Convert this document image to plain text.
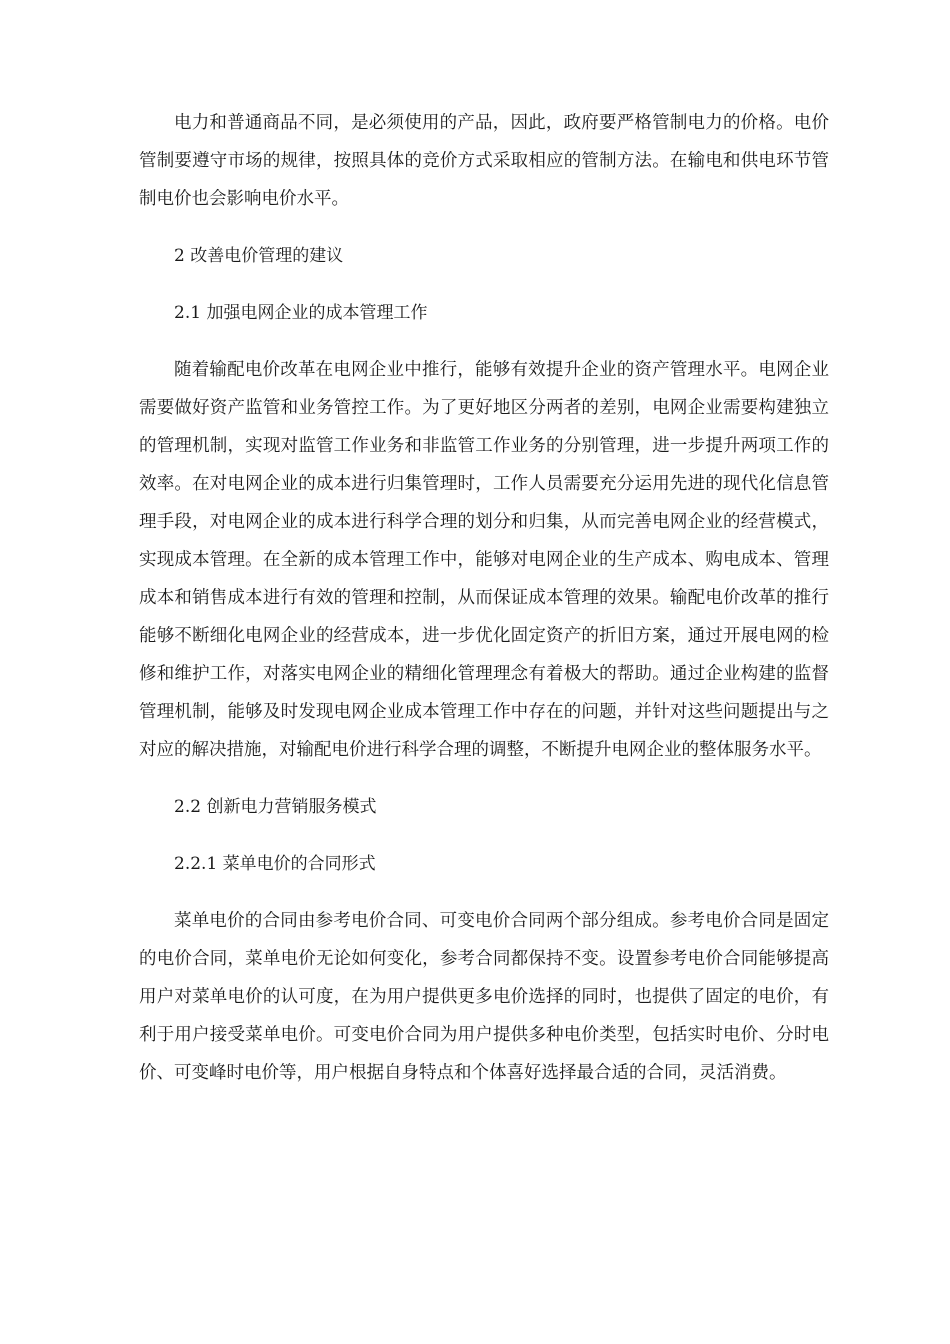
电力和普通商品不同，是必须使用的产品，因此，政府要严格管制电力的价格。电价管制要遵守市场的规律，按照具体的竞价方式采取相应的管制方法。在输电和供电环节管制电价也会影响电价水平。

2 改善电价管理的建议

2.1 加强电网企业的成本管理工作

随着输配电价改革在电网企业中推行，能够有效提升企业的资产管理水平。电网企业需要做好资产监管和业务管控工作。为了更好地区分两者的差别，电网企业需要构建独立的管理机制，实现对监管工作业务和非监管工作业务的分别管理，进一步提升两项工作的效率。在对电网企业的成本进行归集管理时，工作人员需要充分运用先进的现代化信息管理手段，对电网企业的成本进行科学合理的划分和归集，从而完善电网企业的经营模式，实现成本管理。在全新的成本管理工作中，能够对电网企业的生产成本、购电成本、管理成本和销售成本进行有效的管理和控制，从而保证成本管理的效果。输配电价改革的推行能够不断细化电网企业的经营成本，进一步优化固定资产的折旧方案，通过开展电网的检修和维护工作，对落实电网企业的精细化管理理念有着极大的帮助。通过企业构建的监督管理机制，能够及时发现电网企业成本管理工作中存在的问题，并针对这些问题提出与之对应的解决措施，对输配电价进行科学合理的调整，不断提升电网企业的整体服务水平。

2.2 创新电力营销服务模式

2.2.1 菜单电价的合同形式

菜单电价的合同由参考电价合同、可变电价合同两个部分组成。参考电价合同是固定的电价合同，菜单电价无论如何变化，参考合同都保持不变。设置参考电价合同能够提高用户对菜单电价的认可度，在为用户提供更多电价选择的同时，也提供了固定的电价，有利于用户接受菜单电价。可变电价合同为用户提供多种电价类型，包括实时电价、分时电价、可变峰时电价等，用户根据自身特点和个体喜好选择最合适的合同，灵活消费。
